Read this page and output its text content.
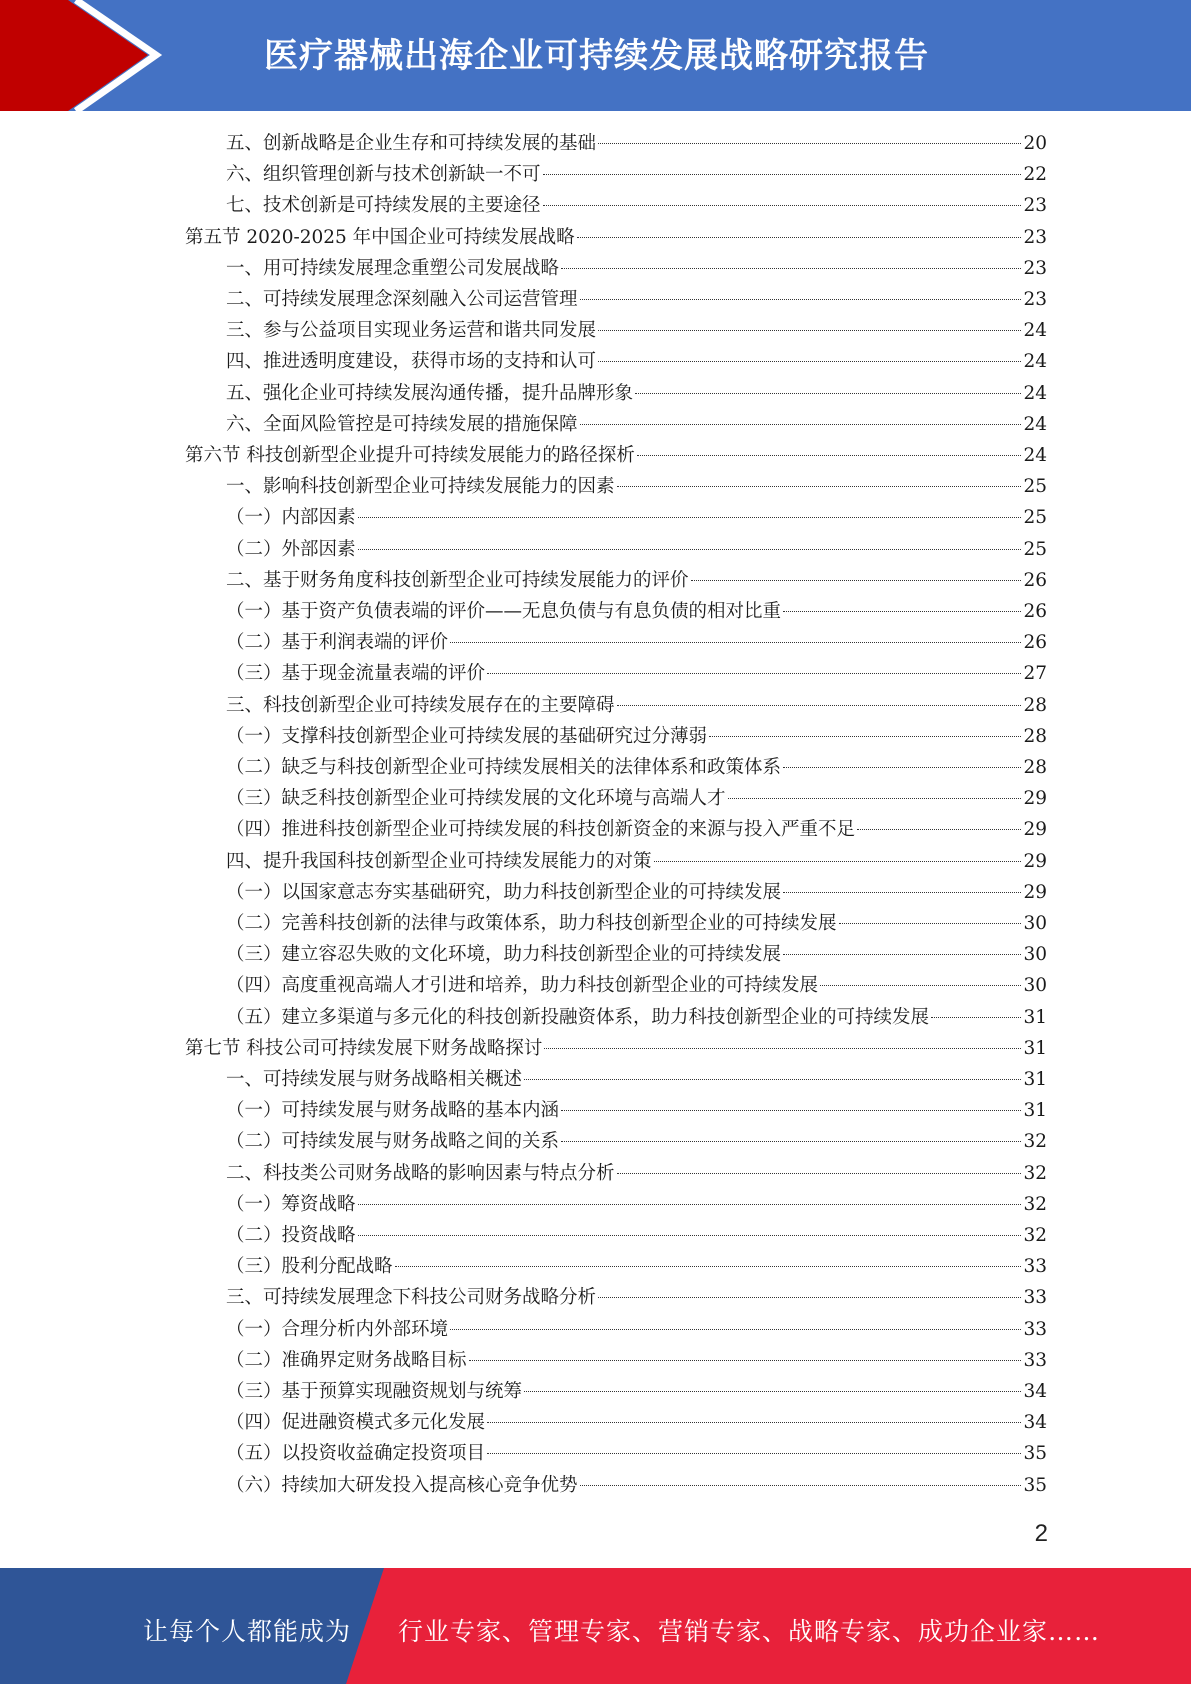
医疗器械出海企业可持续发展战略研究报告
五、创新战略是企业生存和可持续发展的基础	20
六、组织管理创新与技术创新缺一不可	22
七、技术创新是可持续发展的主要途径	23
第五节 2020-2025 年中国企业可持续发展战略	23
一、用可持续发展理念重塑公司发展战略	23
二、可持续发展理念深刻融入公司运营管理	23
三、参与公益项目实现业务运营和谐共同发展	24
四、推进透明度建设，获得市场的支持和认可	24
五、强化企业可持续发展沟通传播，提升品牌形象	24
六、全面风险管控是可持续发展的措施保障	24
第六节 科技创新型企业提升可持续发展能力的路径探析	24
一、影响科技创新型企业可持续发展能力的因素	25
（一）内部因素	25
（二）外部因素	25
二、基于财务角度科技创新型企业可持续发展能力的评价	26
（一）基于资产负债表端的评价——无息负债与有息负债的相对比重	26
（二）基于利润表端的评价	26
（三）基于现金流量表端的评价	27
三、科技创新型企业可持续发展存在的主要障碍	28
（一）支撑科技创新型企业可持续发展的基础研究过分薄弱	28
（二）缺乏与科技创新型企业可持续发展相关的法律体系和政策体系	28
（三）缺乏科技创新型企业可持续发展的文化环境与高端人才	29
（四）推进科技创新型企业可持续发展的科技创新资金的来源与投入严重不足	29
四、提升我国科技创新型企业可持续发展能力的对策	29
（一）以国家意志夯实基础研究，助力科技创新型企业的可持续发展	29
（二）完善科技创新的法律与政策体系，助力科技创新型企业的可持续发展	30
（三）建立容忍失败的文化环境，助力科技创新型企业的可持续发展	30
（四）高度重视高端人才引进和培养，助力科技创新型企业的可持续发展	30
（五）建立多渠道与多元化的科技创新投融资体系，助力科技创新型企业的可持续发展	31
第七节 科技公司可持续发展下财务战略探讨	31
一、可持续发展与财务战略相关概述	31
（一）可持续发展与财务战略的基本内涵	31
（二）可持续发展与财务战略之间的关系	32
二、科技类公司财务战略的影响因素与特点分析	32
（一）筹资战略	32
（二）投资战略	32
（三）股利分配战略	33
三、可持续发展理念下科技公司财务战略分析	33
（一）合理分析内外部环境	33
（二）准确界定财务战略目标	33
（三）基于预算实现融资规划与统筹	34
（四）促进融资模式多元化发展	34
（五）以投资收益确定投资项目	35
（六）持续加大研发投入提高核心竞争优势	35
2
让每个人都能成为 行业专家、管理专家、营销专家、战略专家、成功企业家……
